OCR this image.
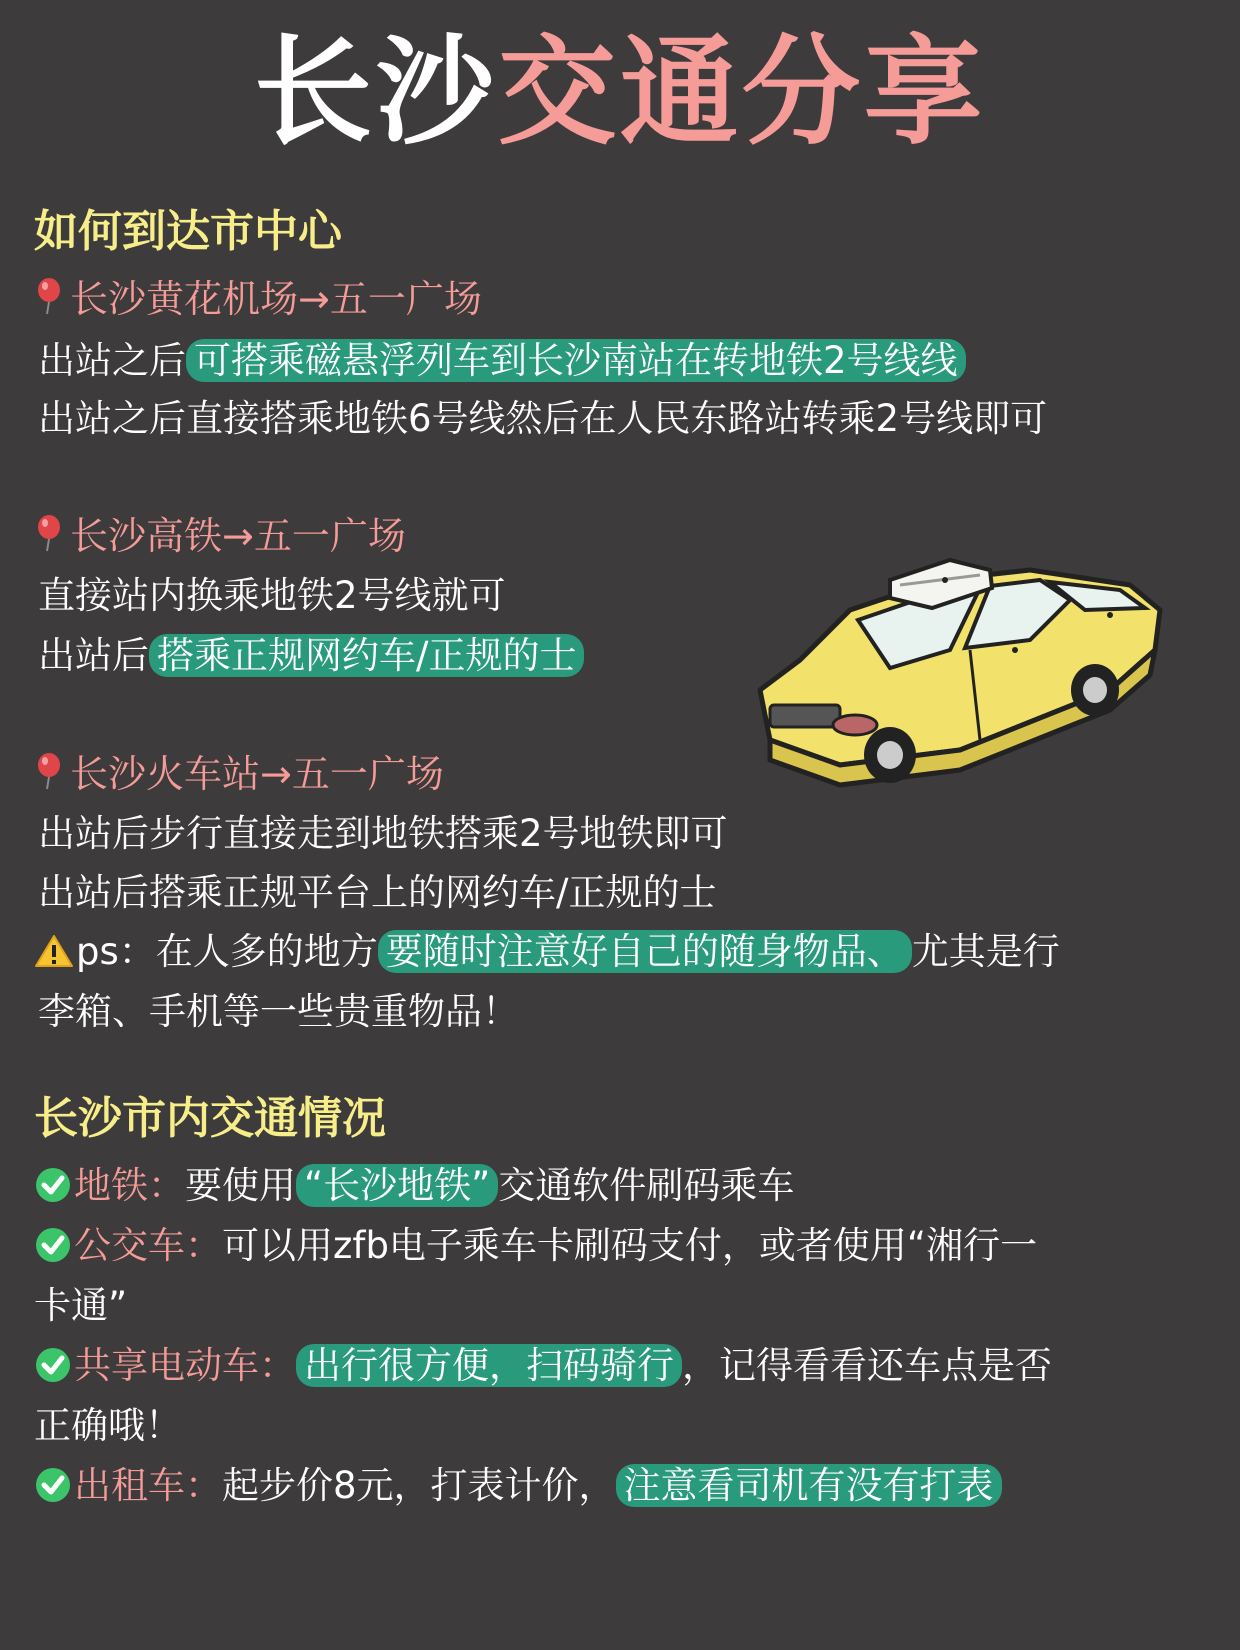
长沙交通分享
如何到达市中心
长沙黄花机场→五一广场
出站之后 可搭乘磁悬浮列车到长沙南站在转地铁2号线线
出站之后直接搭乘地铁6号线然后在人民东路站转乘2号线即可
长沙高铁→五一广场
直接站内换乘地铁2号线就可
出站后 搭乘正规网约车/正规的士
长沙火车站→五一广场
出站后步行直接走到地铁搭乘2号地铁即可
出站后搭乘正规平台上的网约车/正规的士
ps：在人多的地方 要随时注意好自己的随身物品、 尤其是行
李箱、手机等一些贵重物品！
长沙市内交通情况
地铁：要使用 “长沙地铁” 交通软件刷码乘车
公交车：可以用zfb电子乘车卡刷码支付，或者使用“湘行一
卡通”
共享电动车： 出行很方便，扫码骑行 ，记得看看还车点是否
正确哦！
出租车：起步价8元，打表计价， 注意看司机有没有打表
